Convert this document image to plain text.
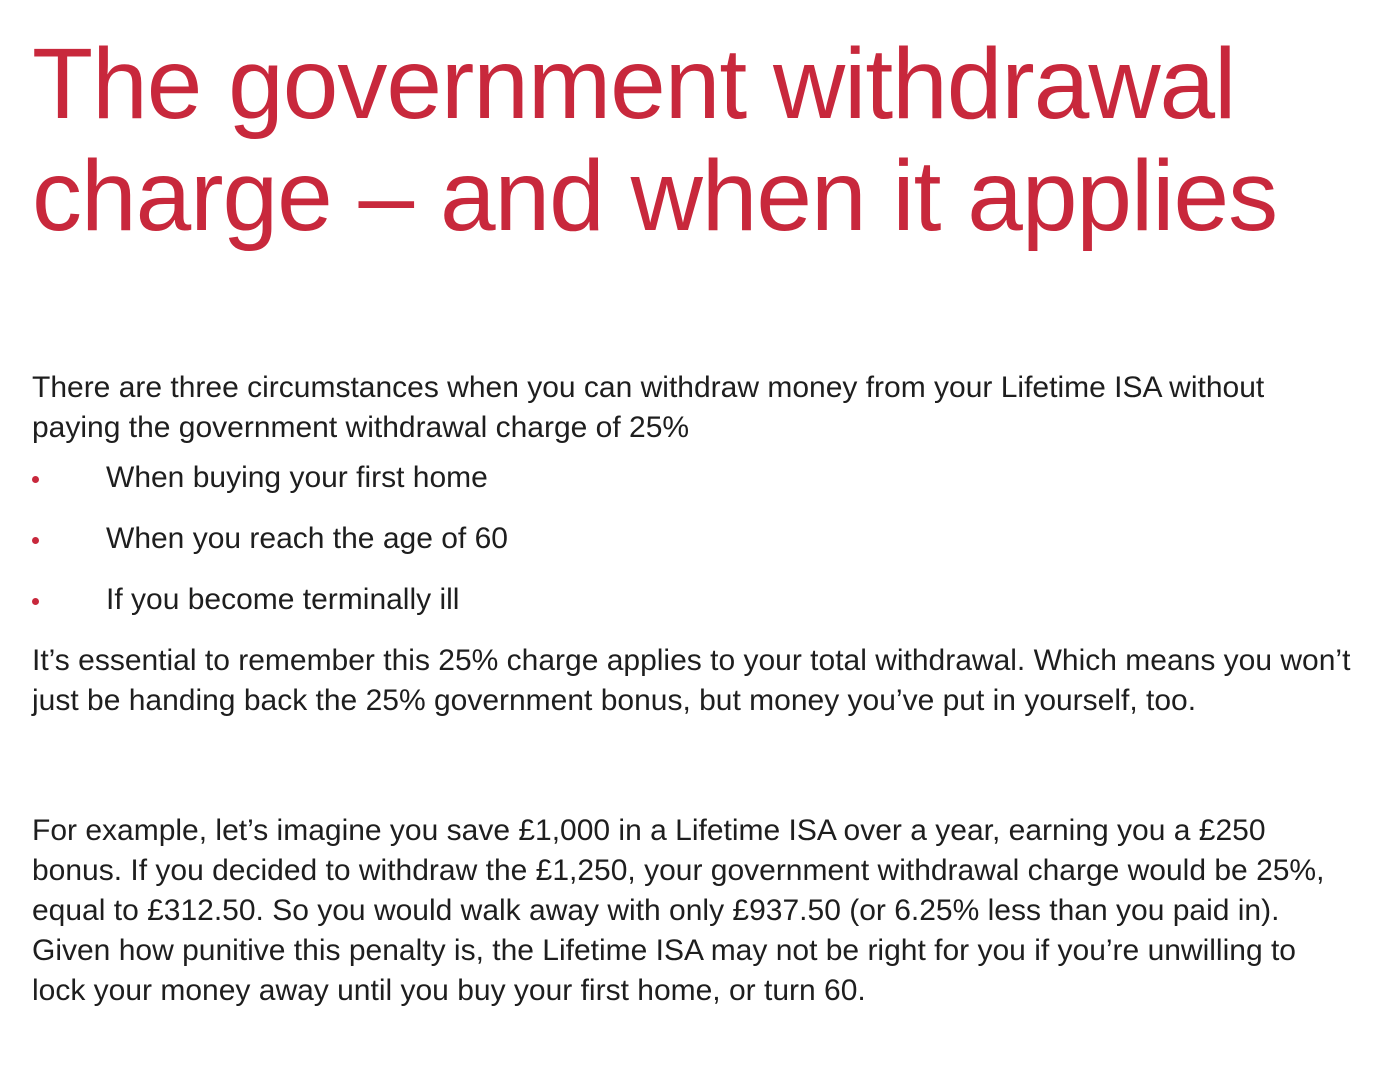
The government withdrawal
charge – and when it applies

There are three circumstances when you can withdraw money from your Lifetime ISA without paying the government withdrawal charge of 25%

When buying your first home
When you reach the age of 60
If you become terminally ill

It’s essential to remember this 25% charge applies to your total withdrawal. Which means you won’t just be handing back the 25% government bonus, but money you’ve put in yourself, too.

For example, let’s imagine you save £1,000 in a Lifetime ISA over a year, earning you a £250 bonus. If you decided to withdraw the £1,250, your government withdrawal charge would be 25%, equal to £312.50. So you would walk away with only £937.50 (or 6.25% less than you paid in). Given how punitive this penalty is, the Lifetime ISA may not be right for you if you’re unwilling to lock your money away until you buy your first home, or turn 60.
